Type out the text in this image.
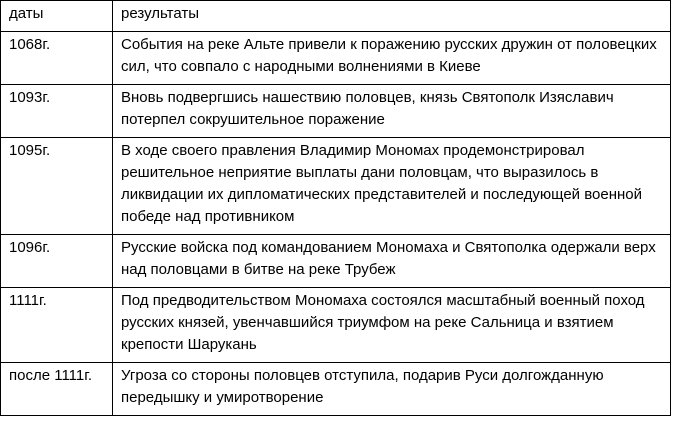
даты	результаты
1068г.	События на реке Альте привели к поражению русских дружин от половецких сил, что совпало с народными волнениями в Киеве
1093г.	Вновь подвергшись нашествию половцев, князь Святополк Изяславич потерпел сокрушительное поражение
1095г.	В ходе своего правления Владимир Мономах продемонстрировал решительное неприятие выплаты дани половцам, что выразилось в ликвидации их дипломатических представителей и последующей военной победе над противником
1096г.	Русские войска под командованием Мономаха и Святополка одержали верх над половцами в битве на реке Трубеж
1111г.	Под предводительством Мономаха состоялся масштабный военный поход русских князей, увенчавшийся триумфом на реке Сальница и взятием крепости Шарукань
после 1111г.	Угроза со стороны половцев отступила, подарив Руси долгожданную передышку и умиротворение
